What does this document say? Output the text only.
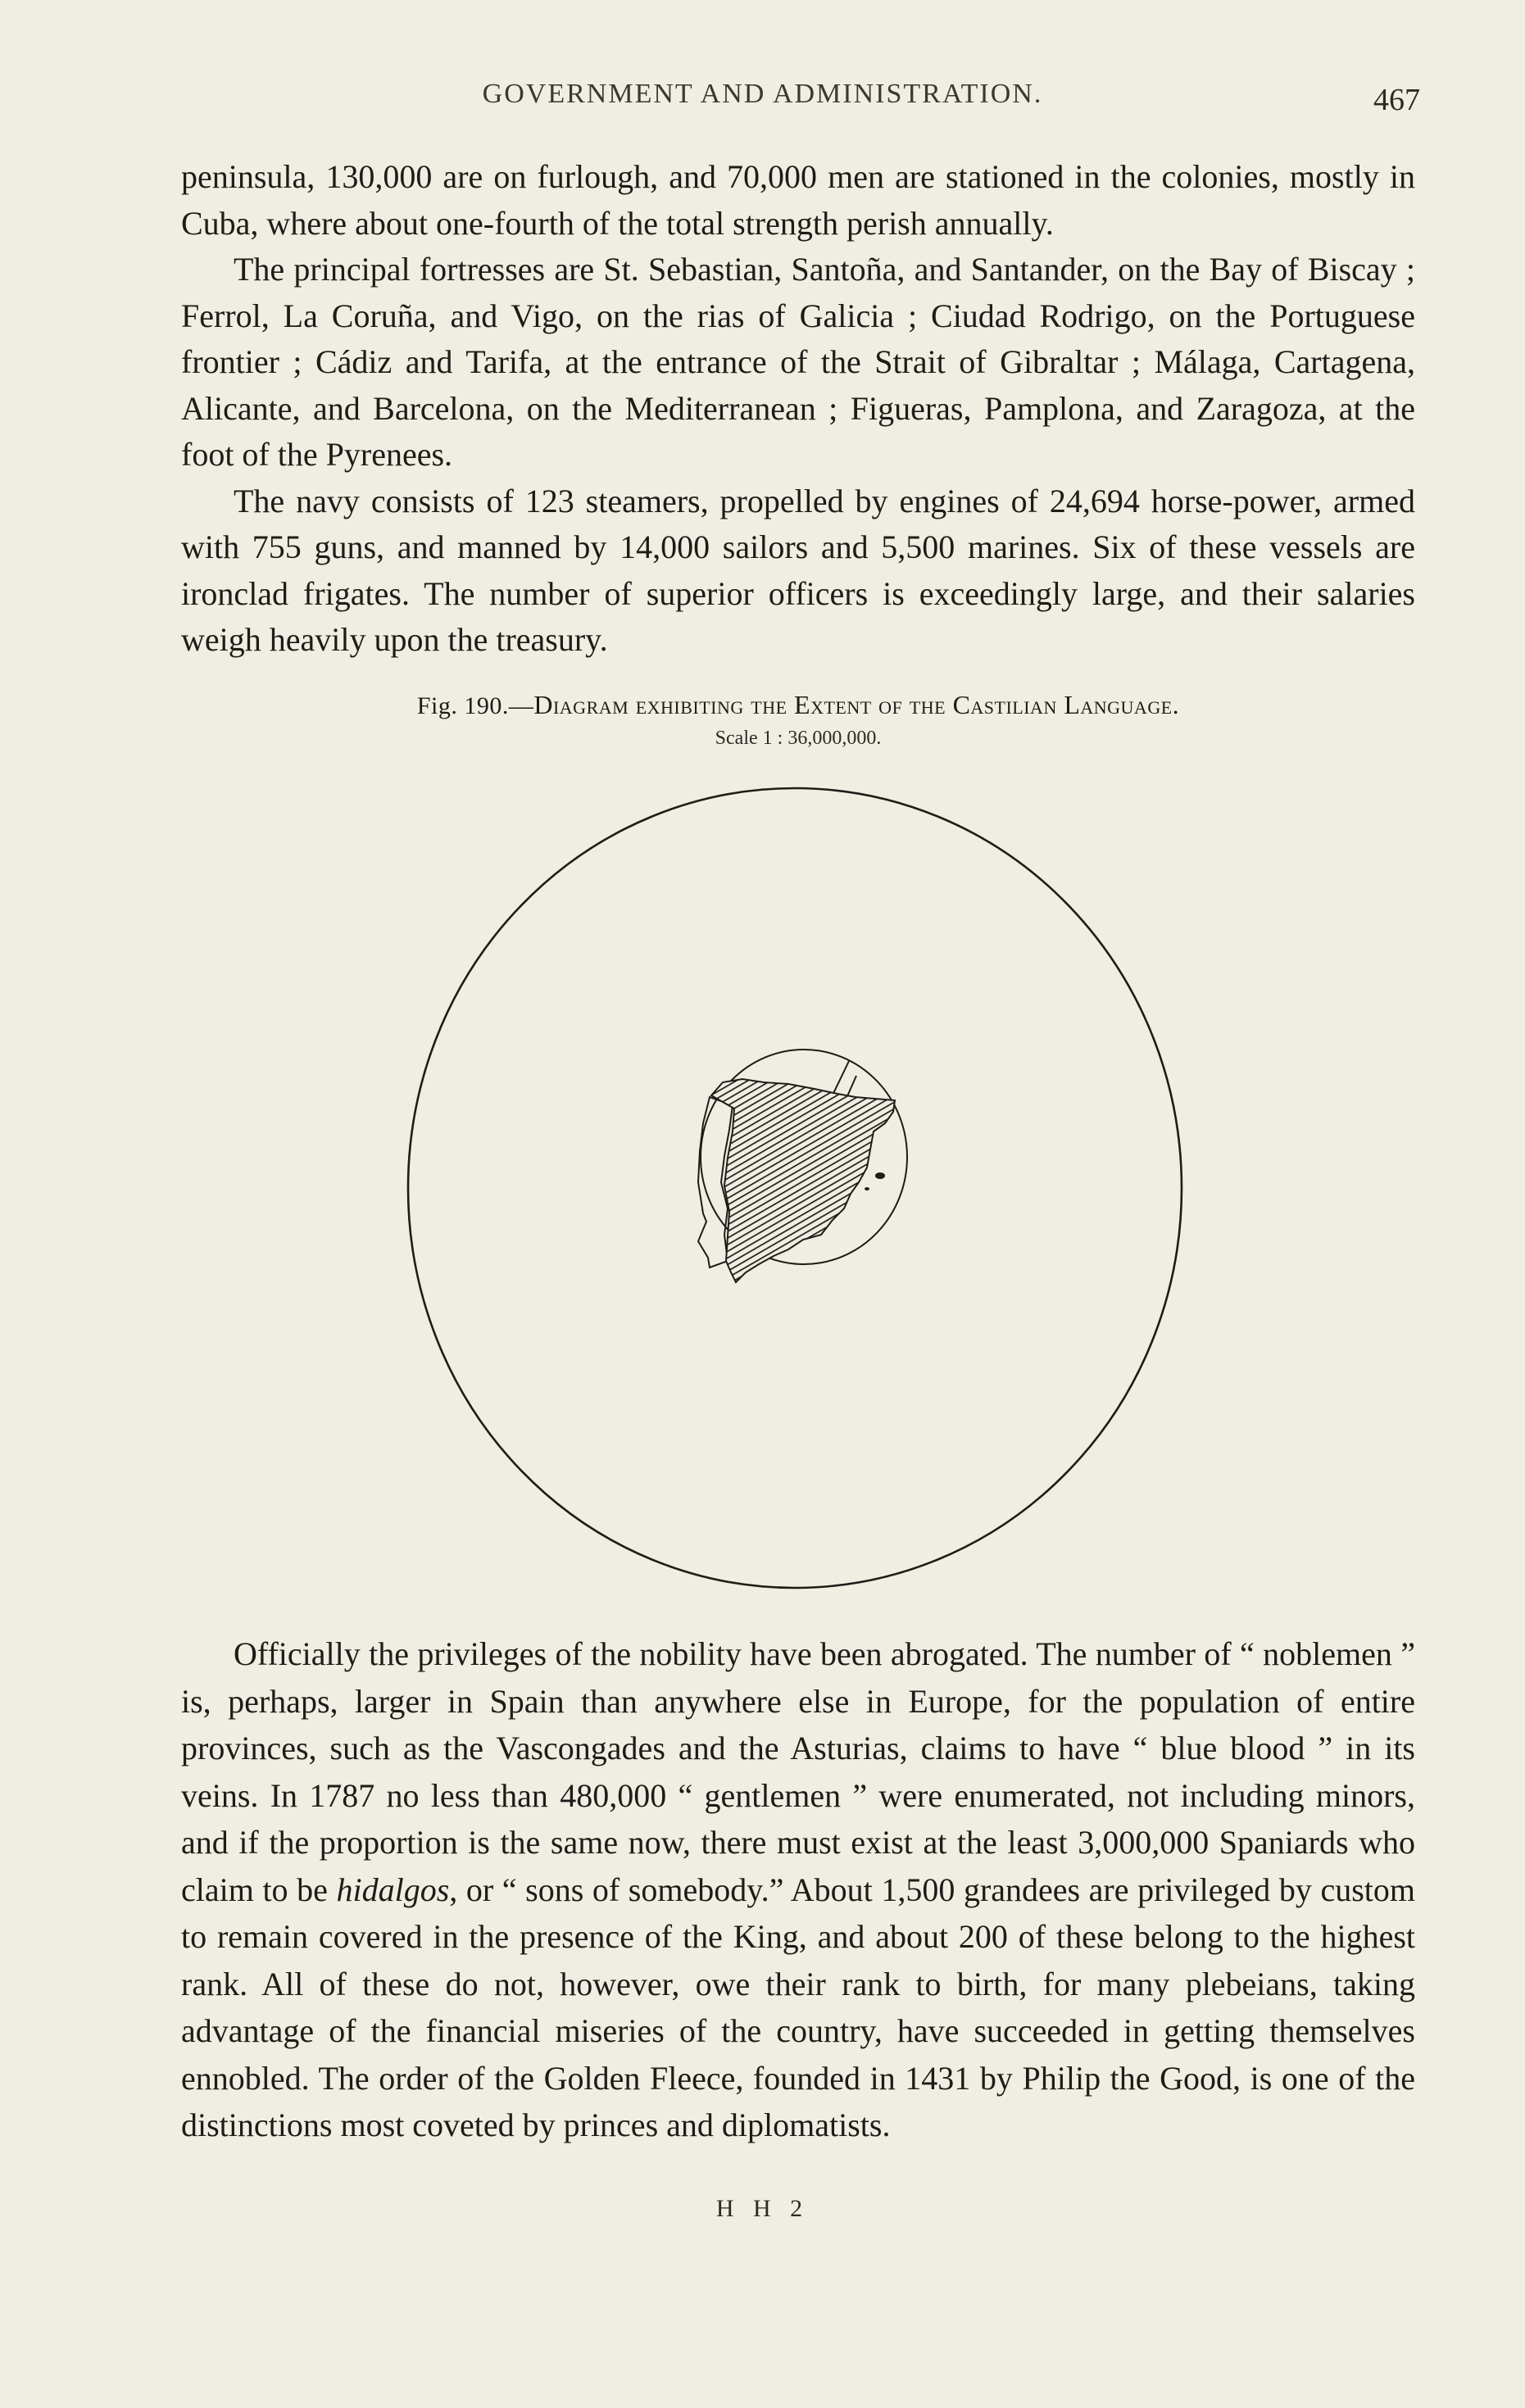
GOVERNMENT AND ADMINISTRATION.	467

peninsula, 130,000 are on furlough, and 70,000 men are stationed in the colonies, mostly in Cuba, where about one-fourth of the total strength perish annually.

The principal fortresses are St. Sebastian, Santoña, and Santander, on the Bay of Biscay ; Ferrol, La Coruña, and Vigo, on the rias of Galicia ; Ciudad Rodrigo, on the Portuguese frontier ; Cádiz and Tarifa, at the entrance of the Strait of Gibraltar ; Málaga, Cartagena, Alicante, and Barcelona, on the Mediterranean ; Figueras, Pamplona, and Zaragoza, at the foot of the Pyrenees.

The navy consists of 123 steamers, propelled by engines of 24,694 horse-power, armed with 755 guns, and manned by 14,000 sailors and 5,500 marines. Six of these vessels are ironclad frigates. The number of superior officers is exceedingly large, and their salaries weigh heavily upon the treasury.

Fig. 190.—Diagram exhibiting the Extent of the Castilian Language.
Scale 1 : 36,000,000.

Officially the privileges of the nobility have been abrogated. The number of “ noblemen ” is, perhaps, larger in Spain than anywhere else in Europe, for the population of entire provinces, such as the Vascongades and the Asturias, claims to have “ blue blood ” in its veins. In 1787 no less than 480,000 “ gentlemen ” were enumerated, not including minors, and if the proportion is the same now, there must exist at the least 3,000,000 Spaniards who claim to be hidalgos, or “ sons of somebody.” About 1,500 grandees are privileged by custom to remain covered in the presence of the King, and about 200 of these belong to the highest rank. All of these do not, however, owe their rank to birth, for many plebeians, taking advantage of the financial miseries of the country, have succeeded in getting themselves ennobled. The order of the Golden Fleece, founded in 1431 by Philip the Good, is one of the distinctions most coveted by princes and diplomatists.

H H 2
